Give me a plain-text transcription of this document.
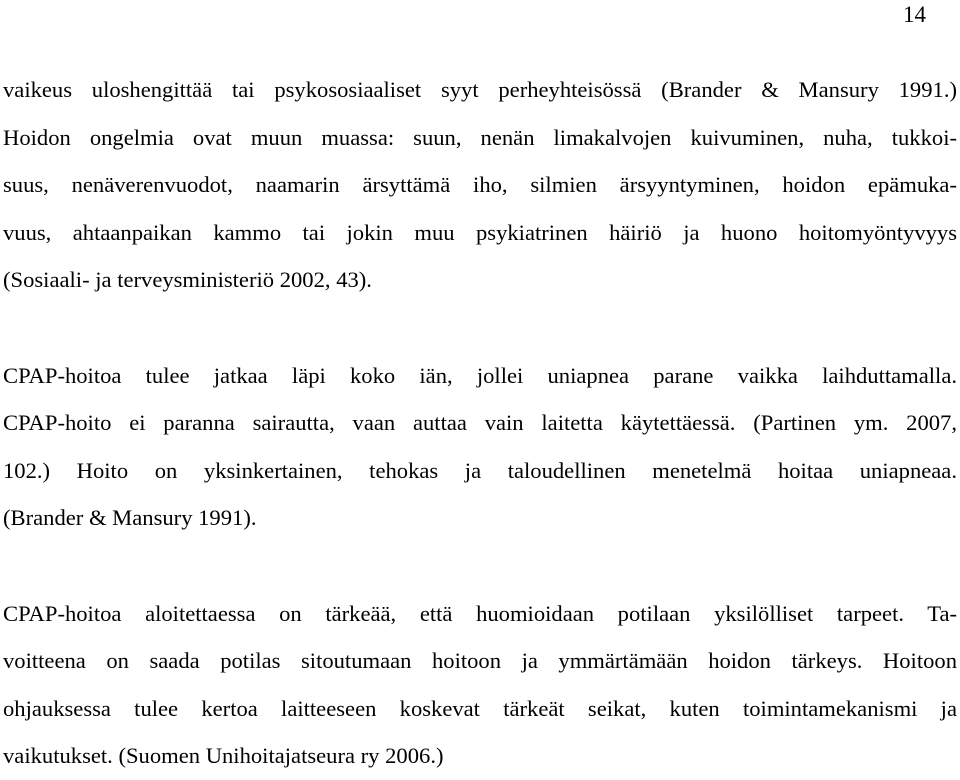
14
vaikeus uloshengittää tai psykososiaaliset syyt perheyhteisössä (Brander & Mansury 1991.)
Hoidon ongelmia ovat muun muassa: suun, nenän limakalvojen kuivuminen, nuha, tukkoi-
suus, nenäverenvuodot, naamarin ärsyttämä iho, silmien ärsyyntyminen, hoidon epämuka-
vuus, ahtaanpaikan kammo tai jokin muu psykiatrinen häiriö ja huono hoitomyöntyvyys
(Sosiaali- ja terveysministeriö 2002, 43).
CPAP-hoitoa tulee jatkaa läpi koko iän, jollei uniapnea parane vaikka laihduttamalla.
CPAP-hoito ei paranna sairautta, vaan auttaa vain laitetta käytettäessä. (Partinen ym. 2007,
102.) Hoito on yksinkertainen, tehokas ja taloudellinen menetelmä hoitaa uniapneaa.
(Brander & Mansury 1991).
CPAP-hoitoa aloitettaessa on tärkeää, että huomioidaan potilaan yksilölliset tarpeet. Ta-
voitteena on saada potilas sitoutumaan hoitoon ja ymmärtämään hoidon tärkeys. Hoitoon
ohjauksessa tulee kertoa laitteeseen koskevat tärkeät seikat, kuten toimintamekanismi ja
vaikutukset. (Suomen Unihoitajatseura ry 2006.)
